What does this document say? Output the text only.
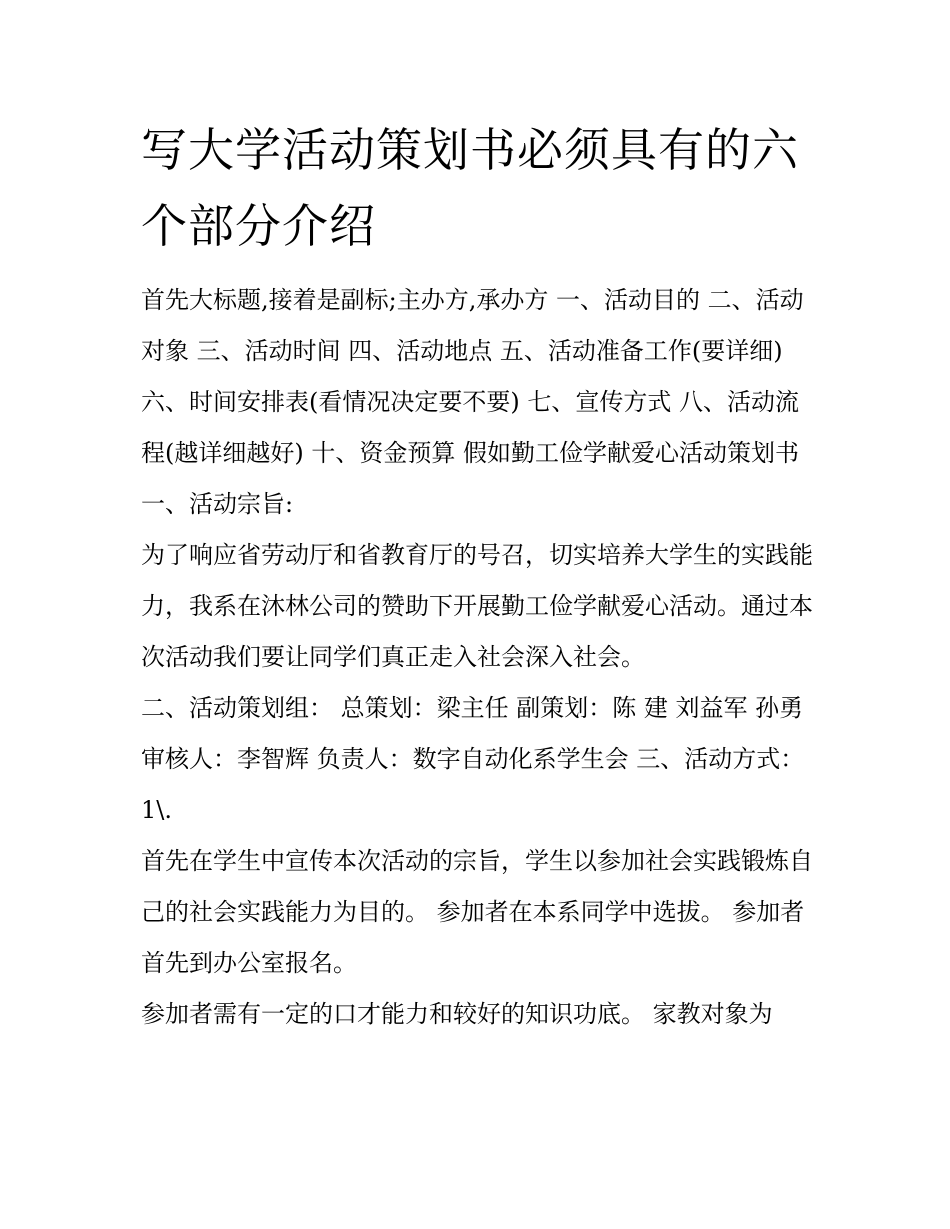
写大学活动策划书必须具有的六个部分介绍

首先大标题,接着是副标;主办方,承办方 一、活动目的 二、活动对象 三、活动时间 四、活动地点 五、活动准备工作(要详细)

六、时间安排表(看情况决定要不要) 七、宣传方式 八、活动流程(越详细越好) 十、资金预算 假如勤工俭学献爱心活动策划书 一、活动宗旨:

为了响应省劳动厅和省教育厅的号召，切实培养大学生的实践能力，我系在沐林公司的赞助下开展勤工俭学献爱心活动。通过本次活动我们要让同学们真正走入社会深入社会。

二、活动策划组： 总策划：梁主任 副策划：陈 建 刘益军 孙勇 审核人：李智辉 负责人：数字自动化系学生会 三、活动方式： 1\.

首先在学生中宣传本次活动的宗旨，学生以参加社会实践锻炼自己的社会实践能力为目的。 参加者在本系同学中选拔。 参加者首先到办公室报名。

参加者需有一定的口才能力和较好的知识功底。 家教对象为
